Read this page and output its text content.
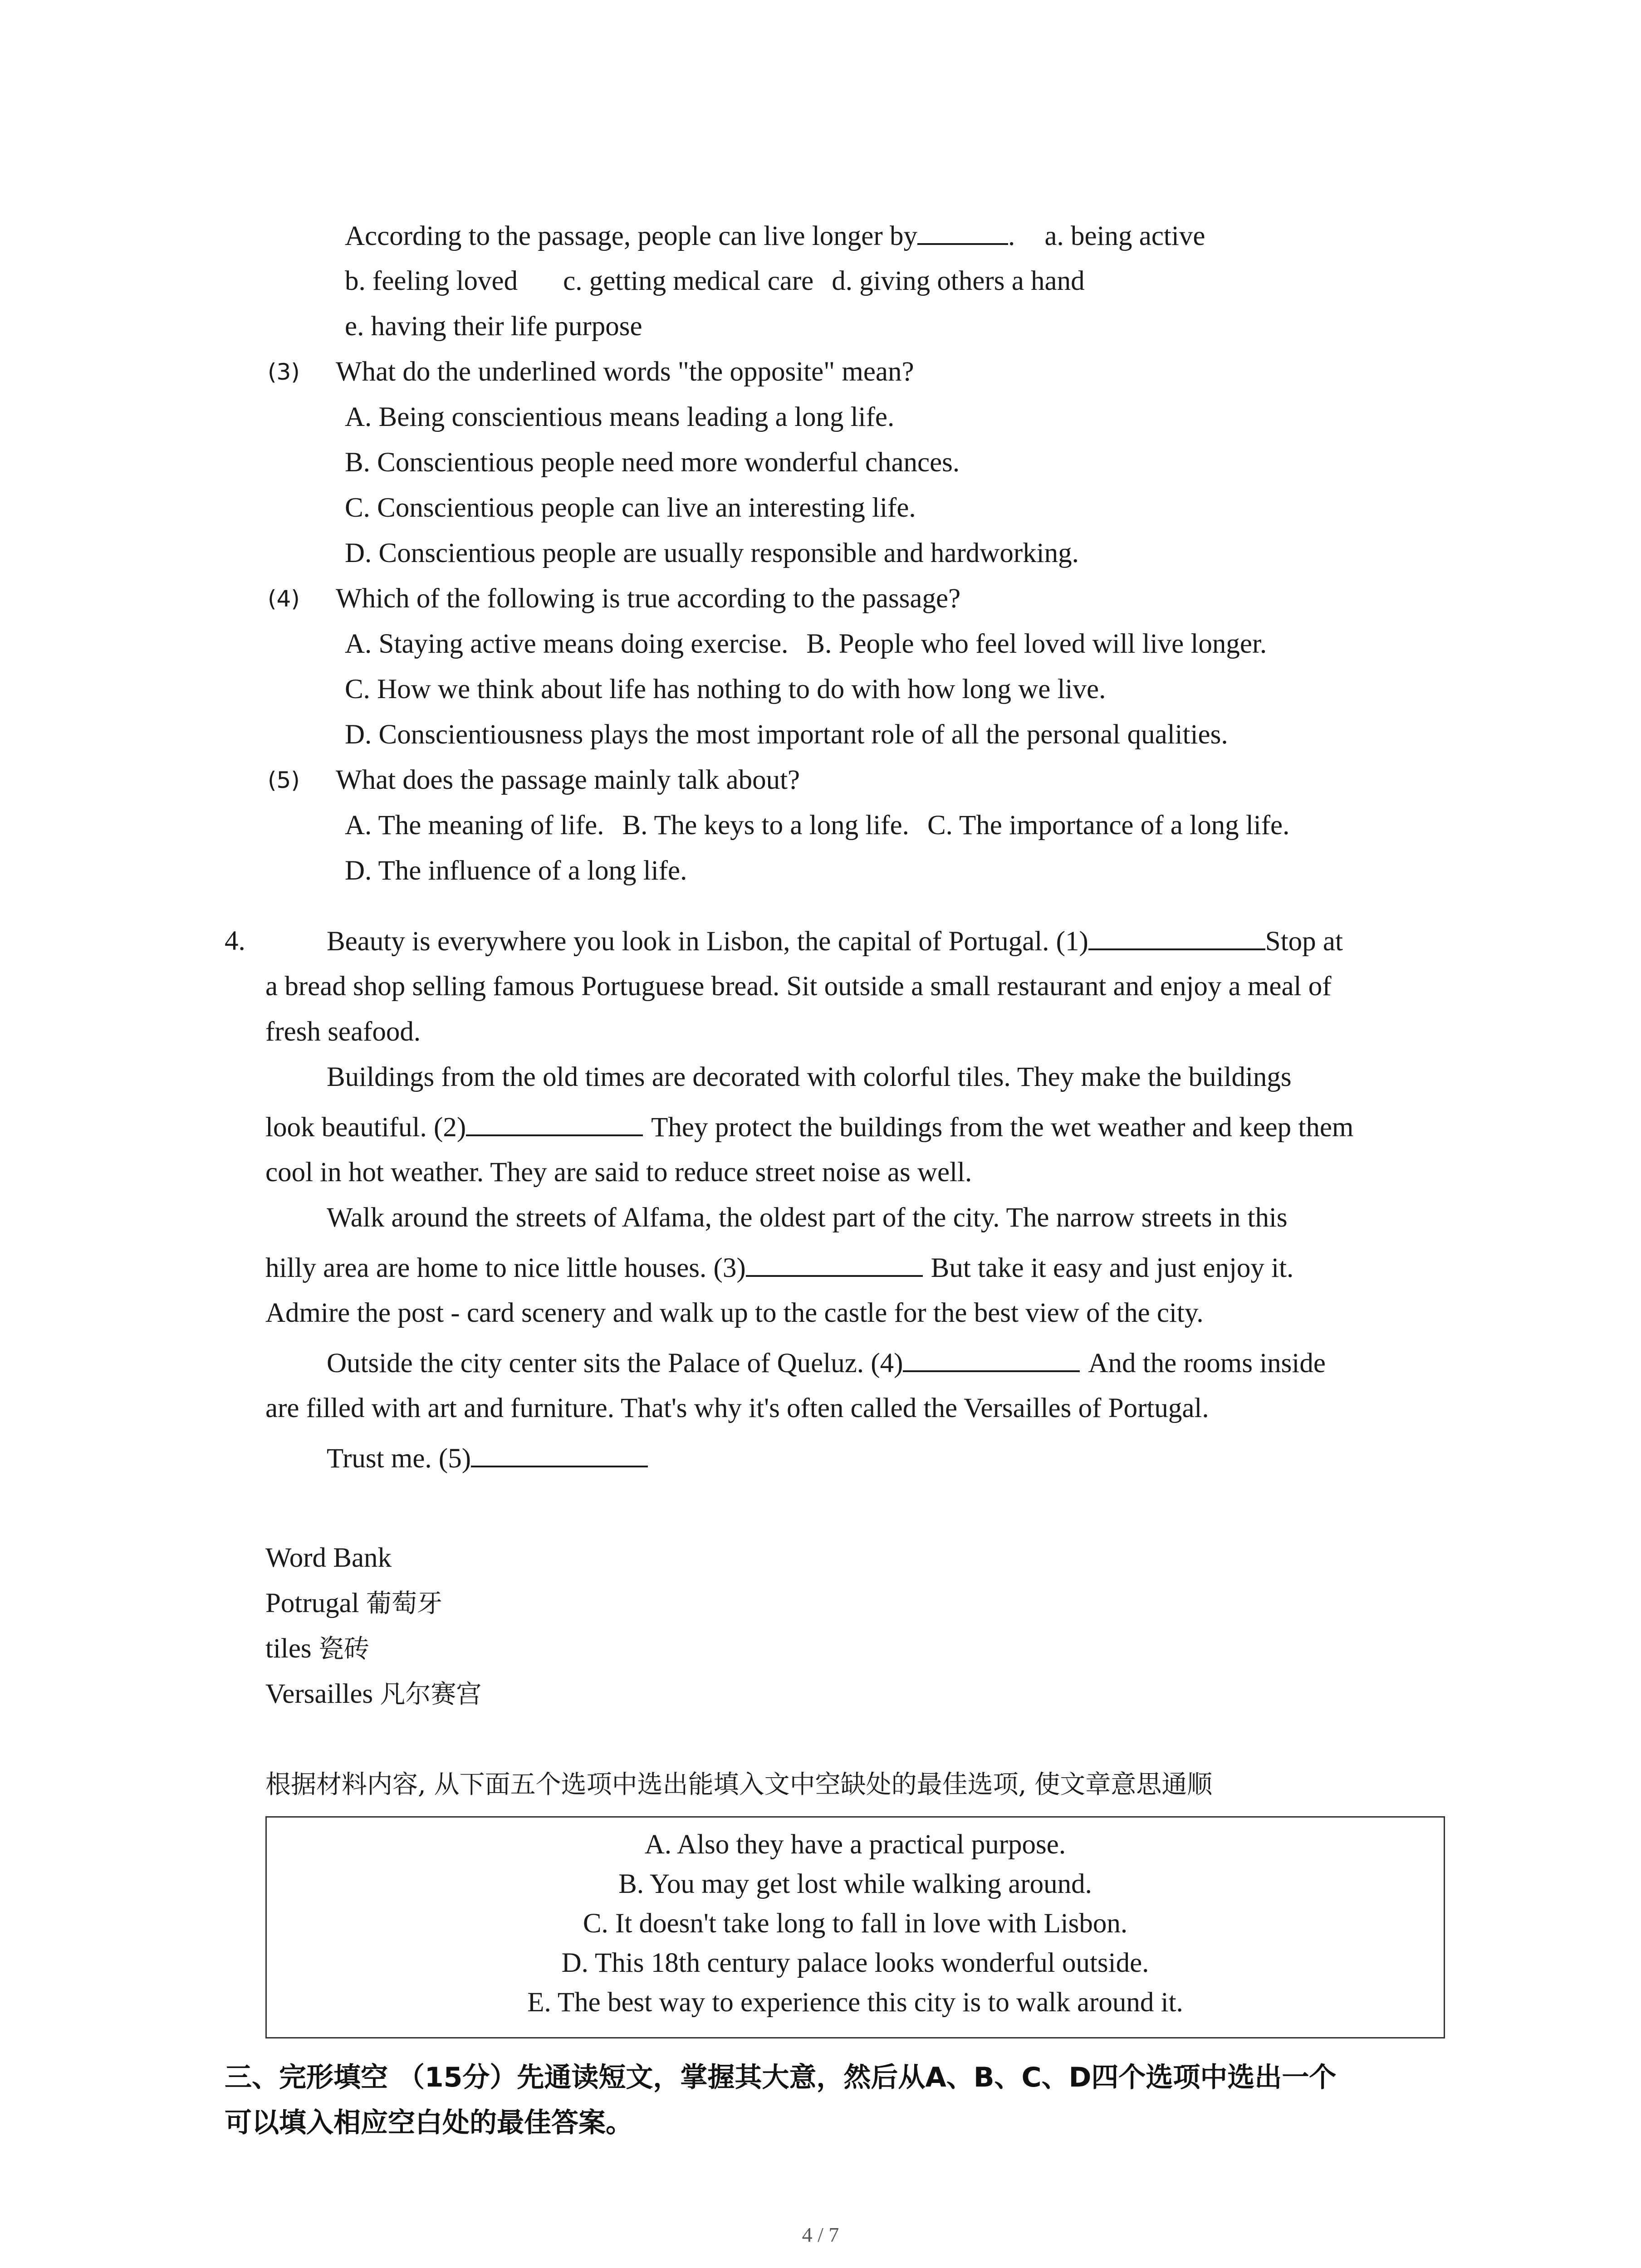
According to the passage, people can live longer by	. a. being active
b. feeling loved c. getting medical care d. giving others a hand
e. having their life purpose
(3) What do the underlined words "the opposite" mean?
A. Being conscientious means leading a long life.
B. Conscientious people need more wonderful chances.
C. Conscientious people can live an interesting life.
D. Conscientious people are usually responsible and hardworking.
(4) Which of the following is true according to the passage?
A. Staying active means doing exercise. B. People who feel loved will live longer.
C. How we think about life has nothing to do with how long we live.
D. Conscientiousness plays the most important role of all the personal qualities.
(5) What does the passage mainly talk about?
A. The meaning of life. B. The keys to a long life. C. The importance of a long life.
D. The influence of a long life.
4.	Beauty is everywhere you look in Lisbon, the capital of Portugal. (1)	Stop at
a bread shop selling famous Portuguese bread. Sit outside a small restaurant and enjoy a meal of
fresh seafood.
Buildings from the old times are decorated with colorful tiles. They make the buildings
look beautiful. (2)	They protect the buildings from the wet weather and keep them
cool in hot weather. They are said to reduce street noise as well.
Walk around the streets of Alfama, the oldest part of the city. The narrow streets in this
hilly area are home to nice little houses. (3)	But take it easy and just enjoy it.
Admire the post - card scenery and walk up to the castle for the best view of the city.
Outside the city center sits the Palace of Queluz. (4)	And the rooms inside
are filled with art and furniture. That's why it's often called the Versailles of Portugal.
Trust me. (5)
Word Bank
Potrugal 葡萄牙
tiles 瓷砖
Versailles 凡尔赛宫
根据材料内容, 从下面五个选项中选出能填入文中空缺处的最佳选项, 使文章意思通顺
A. Also they have a practical purpose.
B. You may get lost while walking around.
C. It doesn't take long to fall in love with Lisbon.
D. This 18th century palace looks wonderful outside.
E. The best way to experience this city is to walk around it.
三、完形填空 （15分）先通读短文，掌握其大意，然后从A、B、C、D四个选项中选出一个
可以填入相应空白处的最佳答案。
4 / 7
